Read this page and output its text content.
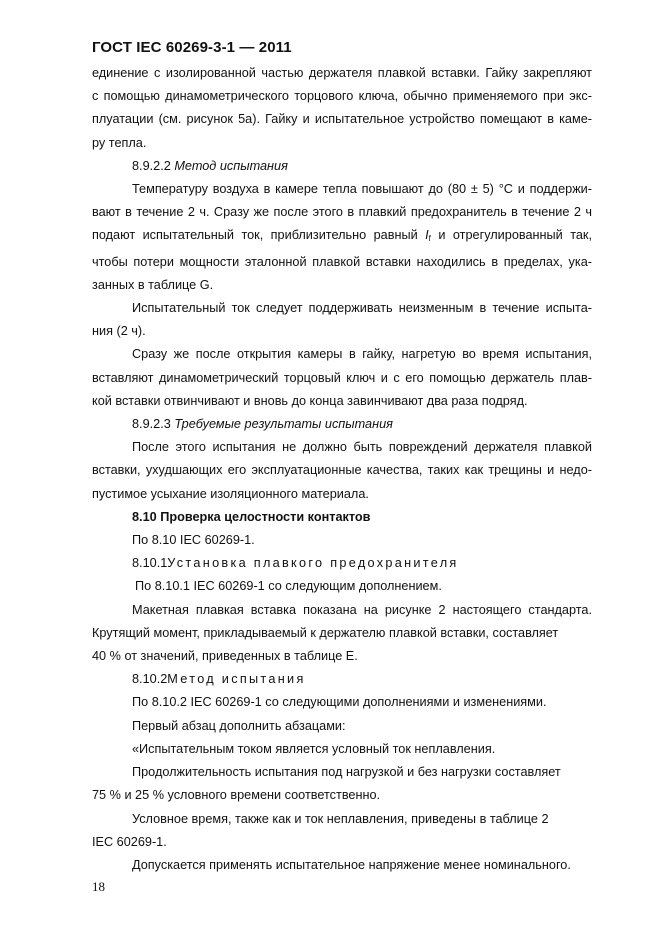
ГОСТ IEC 60269-3-1 — 2011

единение с изолированной частью держателя плавкой вставки. Гайку закрепляют

с помощью динамометрического торцового ключа, обычно применяемого при экс-

плуатации (см. рисунок 5а). Гайку и испытательное устройство помещают в каме-

ру тепла.

8.9.2.2 Метод испытания

Температуру воздуха в камере тепла повышают до (80 ± 5) °С и поддержи-

вают в течение 2 ч. Сразу же после этого в плавкий предохранитель в течение 2 ч

подают испытательный ток, приблизительно равный $I_f$ и отрегулированный так,

чтобы потери мощности эталонной плавкой вставки находились в пределах, ука-

занных в таблице G.

Испытательный ток следует поддерживать неизменным в течение испыта-

ния (2 ч).

Сразу же после открытия камеры в гайку, нагретую во время испытания,

вставляют динамометрический торцовый ключ и с его помощью держатель плав-

кой вставки отвинчивают и вновь до конца завинчивают два раза подряд.

8.9.2.3 Требуемые результаты испытания

После этого испытания не должно быть повреждений держателя плавкой

вставки, ухудшающих его эксплуатационные качества, таких как трещины и недо-

пустимое усыхание изоляционного материала.

8.10 Проверка целостности контактов

По 8.10 IEC 60269-1.

8.10.1Установка плавкого предохранителя

По 8.10.1 IEC 60269-1 со следующим дополнением.

Макетная плавкая вставка показана на рисунке 2 настоящего стандарта.

Крутящий момент, прикладываемый к держателю плавкой вставки, составляет

40 % от значений, приведенных в таблице Е.

8.10.2Метод испытания

По 8.10.2 IEC 60269-1 со следующими дополнениями и изменениями.

Первый абзац дополнить абзацами:

«Испытательным током является условный ток неплавления.

Продолжительность испытания под нагрузкой и без нагрузки составляет

75 % и 25 % условного времени соответственно.

Условное время, также как и ток неплавления, приведены в таблице 2

IEC 60269-1.

Допускается применять испытательное напряжение менее номинального.

18
